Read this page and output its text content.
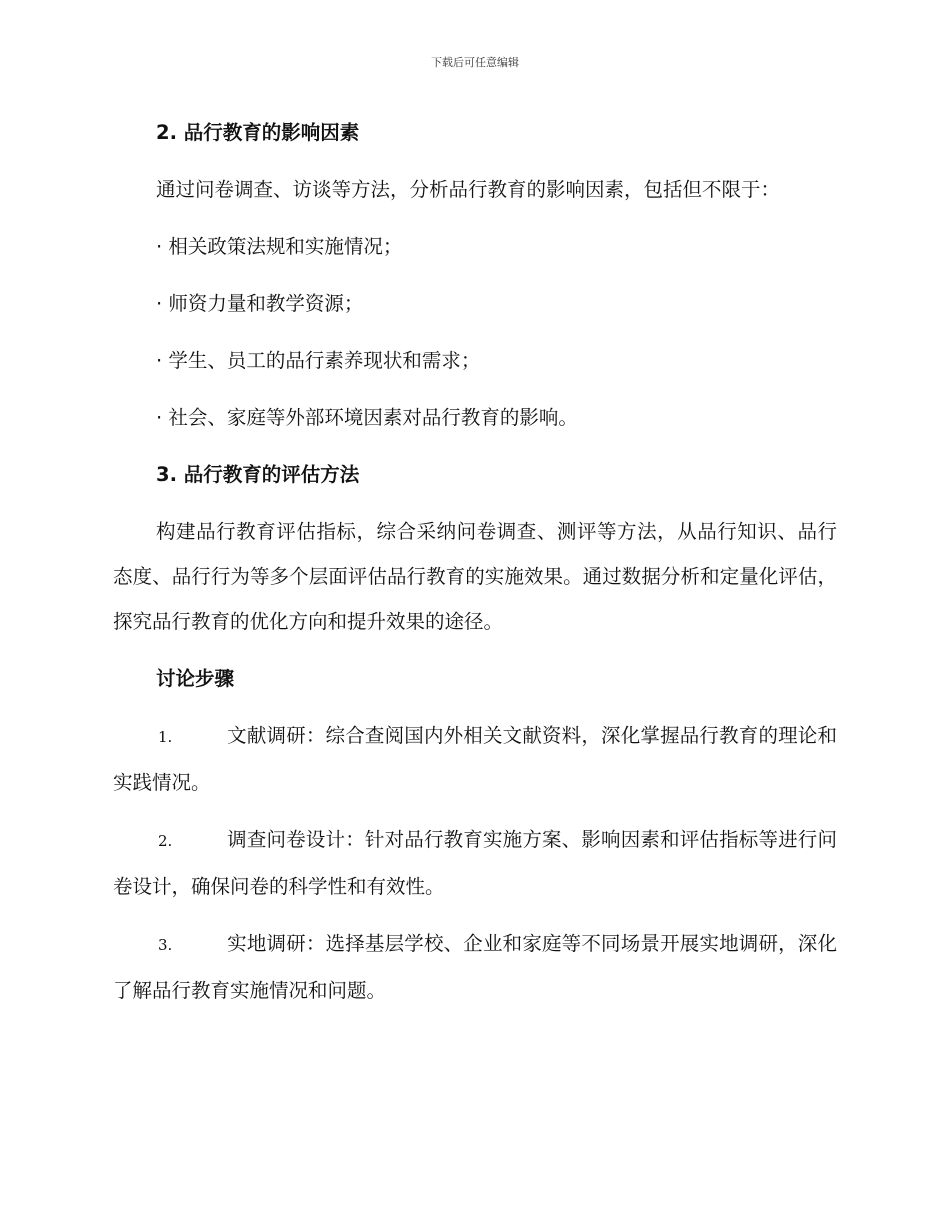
下载后可任意编辑

2. 品行教育的影响因素

通过问卷调查、访谈等方法，分析品行教育的影响因素，包括但不限于：

· 相关政策法规和实施情况；

· 师资力量和教学资源；

· 学生、员工的品行素养现状和需求；

· 社会、家庭等外部环境因素对品行教育的影响。

3. 品行教育的评估方法

构建品行教育评估指标，综合采纳问卷调查、测评等方法，从品行知识、品行态度、品行行为等多个层面评估品行教育的实施效果。通过数据分析和定量化评估，探究品行教育的优化方向和提升效果的途径。

讨论步骤

1.	文献调研：综合查阅国内外相关文献资料，深化掌握品行教育的理论和实践情况。

2.	调查问卷设计：针对品行教育实施方案、影响因素和评估指标等进行问卷设计，确保问卷的科学性和有效性。

3.	实地调研：选择基层学校、企业和家庭等不同场景开展实地调研，深化了解品行教育实施情况和问题。
